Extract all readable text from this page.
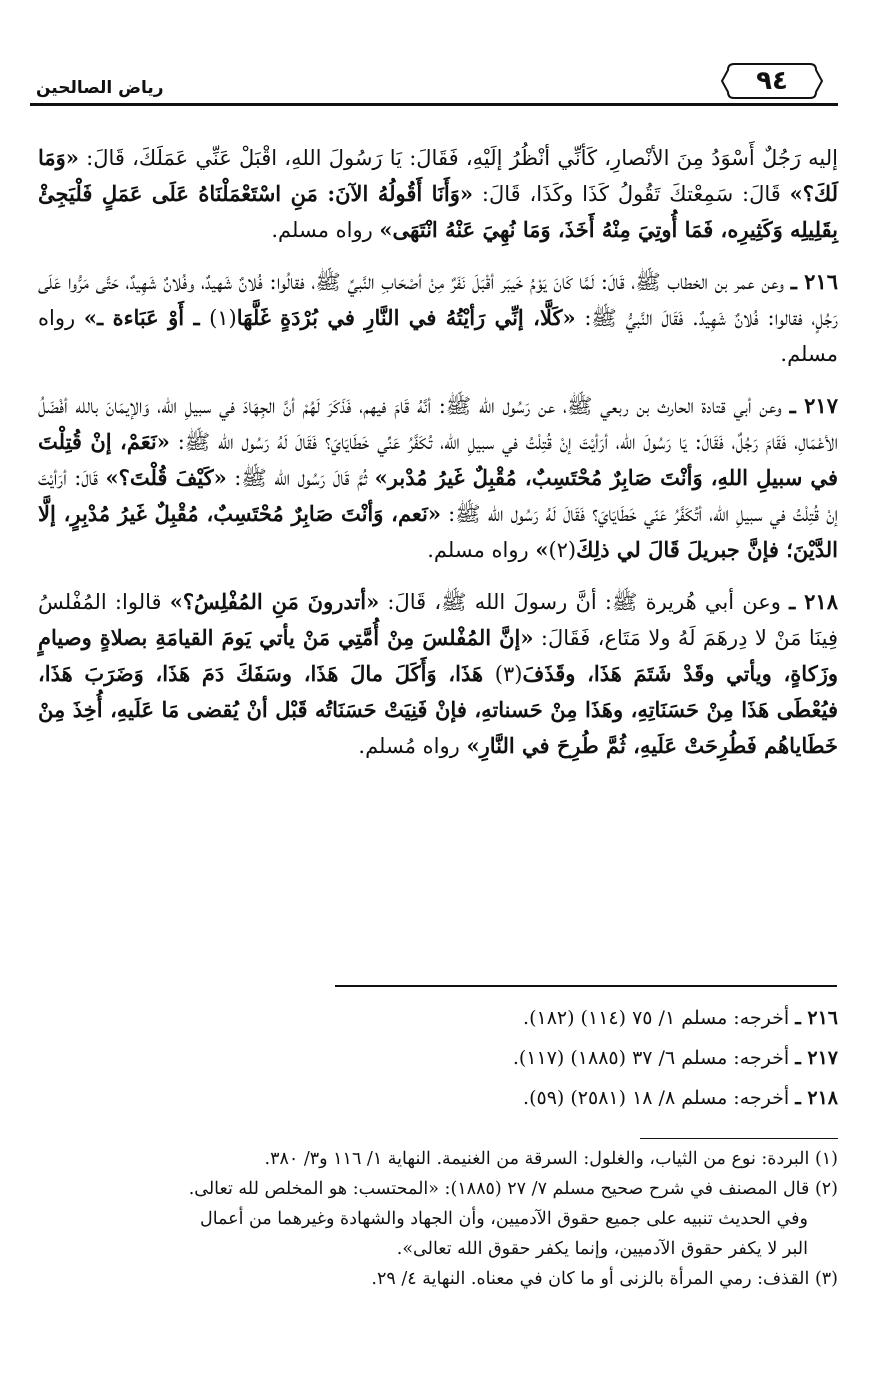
رياض الصالحين	٩٤

إليه رَجُلٌ أَسْوَدُ مِنَ الأنْصارِ، كَأنِّي أنْظُرُ إلَيْهِ، فَقَالَ: يَا رَسُولَ اللهِ، اقْبَلْ عَنِّي عَمَلَكَ، قَالَ: «وَمَا لَكَ؟» قَالَ: سَمِعْتكَ تَقُولُ كَذَا وكَذَا، قَالَ: «وَأَنَا أَقُولُهُ الآنَ: مَنِ اسْتَعْمَلْنَاهُ عَلَى عَمَلٍ فَلْيَجِئْ بِقَلِيلِه وَكَثِيرِه، فَمَا أُوتِيَ مِنْهُ أَخَذَ، وَمَا نُهِيَ عَنْهُ انْتَهَى» رواه مسلم.

٢١٦ ـ وعن عمر بن الخطاب ﷺ، قَالَ: لَمَّا كَانَ يَوْمُ خَيبَر أقْبَلَ نَفَرٌ مِنْ أصْحَابِ النَّبيِّ ﷺ، فقالُوا: فُلانٌ شَهيدٌ، وفُلانٌ شَهِيدٌ، حَتَّى مَرُّوا عَلَى رَجُلٍ، فقالوا: فُلانٌ شَهِيدٌ. فَقَالَ النَّبيُّ ﷺ: «كَلَّا، إنِّي رَأيْتُهُ في النَّارِ في بُرْدَةٍ غَلَّهَا(١) ـ أَوْ عَبَاءة ـ» رواه مسلم.

٢١٧ ـ وعن أبي قتادة الحارث بن ربعي ﷺ، عن رَسُول الله ﷺ: أنَّهُ قَامَ فيهم، فَذَكَرَ لَهُمْ أنَّ الجِهَادَ في سبيلِ الله، وَالإيمَانَ بالله أفْضَلُ الأعْمَالِ، فَقَامَ رَجُلٌ، فَقَالَ: يَا رَسُولَ الله، أرَأيْتَ إنْ قُتِلْتُ في سبيلِ الله، تُكَفَّرُ عَنِّي خَطَايَايَ؟ فَقَالَ لَهُ رَسُول الله ﷺ: «نَعَمْ، إنْ قُتِلْتَ في سبيلِ اللهِ، وَأنْتَ صَابِرٌ مُحْتَسِبٌ، مُقْبِلٌ غَيرُ مُدْبر» ثُمَّ قَالَ رَسُول الله ﷺ: «كَيْفَ قُلْتَ؟» قَالَ: أرَأيْتَ إنْ قُتِلْتُ في سبيلِ الله، أتُكَفَّرُ عَنّي خَطَايَايَ؟ فَقَالَ لَهُ رَسُول الله ﷺ: «نَعم، وَأنْتَ صَابِرٌ مُحْتَسِبٌ، مُقْبِلٌ غَيرُ مُدْبِرٍ، إلَّا الدَّيْنَ؛ فإنَّ جبريلَ قَالَ لي ذلِكَ(٢)» رواه مسلم.

٢١٨ ـ وعن أبي هُريرة ﷺ: أنَّ رسولَ الله ﷺ، قَالَ: «أتدرونَ مَنِ المُفْلِسُ؟» قالوا: المُفْلسُ فِينَا مَنْ لا دِرهَمَ لَهُ ولا مَتَاع، فَقَالَ: «إنَّ المُفْلسَ مِنْ أُمَّتِي مَنْ يأتي يَومَ القيامَةِ بصلاةٍ وصيامٍ وزَكاةٍ، ويأتي وقَدْ شَتَمَ هَذَا، وقَذَفَ(٣) هَذَا، وَأَكَلَ مالَ هَذَا، وسَفَكَ دَمَ هَذَا، وَضَرَبَ هَذَا، فيُعْطَى هَذَا مِنْ حَسَنَاتِهِ، وهَذَا مِنْ حَسناتهِ، فإنْ فَنِيَتْ حَسَنَاتُه قَبْل أنْ يُقضى مَا عَلَيهِ، أُخِذَ مِنْ خَطَاياهُم فَطُرِحَتْ عَلَيهِ، ثُمَّ طُرِحَ في النَّارِ» رواه مُسلم.

٢١٦ ـ أخرجه: مسلم ١/ ٧٥ (١١٤) (١٨٢).
٢١٧ ـ أخرجه: مسلم ٦/ ٣٧ (١٨٨٥) (١١٧).
٢١٨ ـ أخرجه: مسلم ٨/ ١٨ (٢٥٨١) (٥٩).

(١) البردة: نوع من الثياب، والغلول: السرقة من الغنيمة. النهاية ١/ ١١٦ و٣/ ٣٨٠.

(٢) قال المصنف في شرح صحيح مسلم ٧/ ٢٧ (١٨٨٥): «المحتسب: هو المخلص لله تعالى.

وفي الحديث تنبيه على جميع حقوق الآدميين، وأن الجهاد والشهادة وغيرهما من أعمال

البر لا يكفر حقوق الآدميين، وإنما يكفر حقوق الله تعالى».

(٣) القذف: رمي المرأة بالزنى أو ما كان في معناه. النهاية ٤/ ٢٩.
